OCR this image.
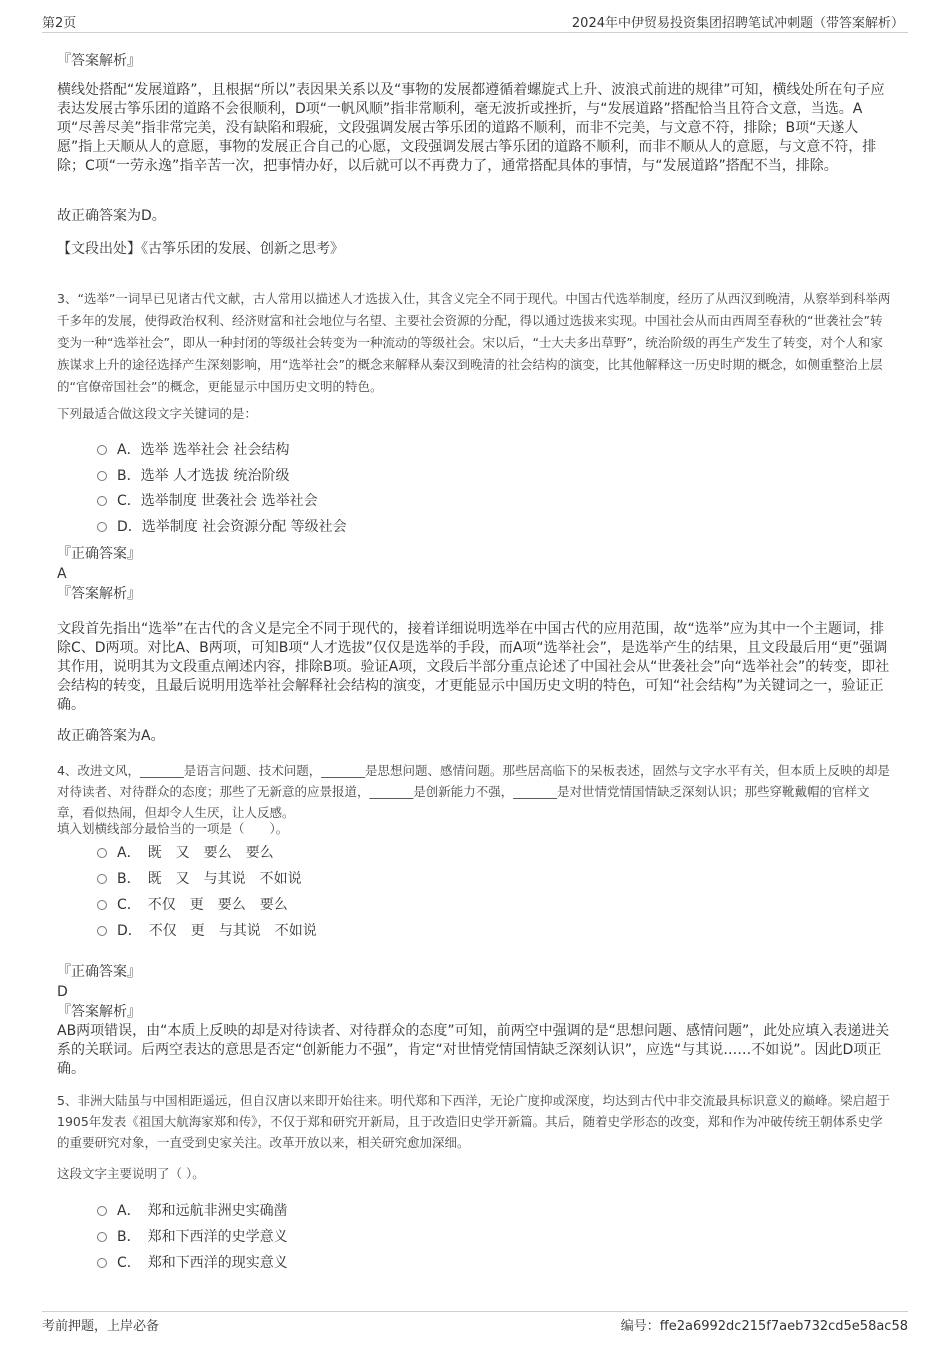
第2页	2024年中伊贸易投资集团招聘笔试冲刺题（带答案解析）
『答案解析』
横线处搭配“发展道路”，且根据“所以”表因果关系以及“事物的发展都遵循着螺旋式上升、波浪式前进的规律”可知，横线处所在句子应表达发展古筝乐团的道路不会很顺利，D项“一帆风顺”指非常顺利，毫无波折或挫折，与“发展道路”搭配恰当且符合文意，当选。A项“尽善尽美”指非常完美，没有缺陷和瑕疵，文段强调发展古筝乐团的道路不顺利，而非不完美，与文意不符，排除；B项“天遂人愿”指上天顺从人的意愿，事物的发展正合自己的心愿，文段强调发展古筝乐团的道路不顺利，而非不顺从人的意愿，与文意不符，排除；C项“一劳永逸”指辛苦一次，把事情办好，以后就可以不再费力了，通常搭配具体的事情，与“发展道路”搭配不当，排除。
故正确答案为D。
【文段出处】《古筝乐团的发展、创新之思考》
3、“选举”一词早已见诸古代文献，古人常用以描述人才选拔入仕，其含义完全不同于现代。中国古代选举制度，经历了从西汉到晚清，从察举到科举两千多年的发展，使得政治权利、经济财富和社会地位与名望、主要社会资源的分配，得以通过选拔来实现。中国社会从而由西周至春秋的“世袭社会”转变为一种“选举社会”，即从一种封闭的等级社会转变为一种流动的等级社会。宋以后，“士大夫多出草野”，统治阶级的再生产发生了转变，对个人和家族谋求上升的途径选择产生深刻影响，用“选举社会”的概念来解释从秦汉到晚清的社会结构的演变，比其他解释这一历史时期的概念，如侧重整治上层的“官僚帝国社会”的概念，更能显示中国历史文明的特色。
下列最适合做这段文字关键词的是：
A．选举 选举社会 社会结构
B．选举 人才选拔 统治阶级
C．选举制度 世袭社会 选举社会
D．选举制度 社会资源分配 等级社会
『正确答案』
A
『答案解析』
文段首先指出“选举”在古代的含义是完全不同于现代的，接着详细说明选举在中国古代的应用范围，故“选举”应为其中一个主题词，排除C、D两项。对比A、B两项，可知B项“人才选拔”仅仅是选举的手段，而A项“选举社会”，是选举产生的结果，且文段最后用“更”强调其作用，说明其为文段重点阐述内容，排除B项。验证A项，文段后半部分重点论述了中国社会从“世袭社会”向“选举社会”的转变，即社会结构的转变，且最后说明用选举社会解释社会结构的演变，才更能显示中国历史文明的特色，可知“社会结构”为关键词之一，验证正确。
故正确答案为A。
4、改进文风，_______是语言问题、技术问题，_______是思想问题、感情问题。那些居高临下的呆板表述，固然与文字水平有关，但本质上反映的却是对待读者、对待群众的态度；那些了无新意的应景报道，_______是创新能力不强，_______是对世情党情国情缺乏深刻认识；那些穿靴戴帽的官样文章，看似热闹，但却令人生厌，让人反感。
填入划横线部分最恰当的一项是（　　）。
A．　既　又　要么　要么
B．　既　又　与其说　不如说
C．　不仅　更　要么　要么
D．　不仅　更　与其说　不如说
『正确答案』
D
『答案解析』
AB两项错误，由“本质上反映的却是对待读者、对待群众的态度”可知，前两空中强调的是“思想问题、感情问题”，此处应填入表递进关系的关联词。后两空表达的意思是否定“创新能力不强”，肯定“对世情党情国情缺乏深刻认识”，应选“与其说……不如说”。因此D项正确。
5、非洲大陆虽与中国相距遥远，但自汉唐以来即开始往来。明代郑和下西洋，无论广度抑或深度，均达到古代中非交流最具标识意义的巅峰。梁启超于1905年发表《祖国大航海家郑和传》，不仅于郑和研究开新局，且于改造旧史学开新篇。其后，随着史学形态的改变，郑和作为冲破传统王朝体系史学的重要研究对象，一直受到史家关注。改革开放以来，相关研究愈加深细。
这段文字主要说明了（ ）。
A．　郑和远航非洲史实确凿
B．　郑和下西洋的史学意义
C．　郑和下西洋的现实意义
考前押题，上岸必备	编号：ffe2a6992dc215f7aeb732cd5e58ac58
